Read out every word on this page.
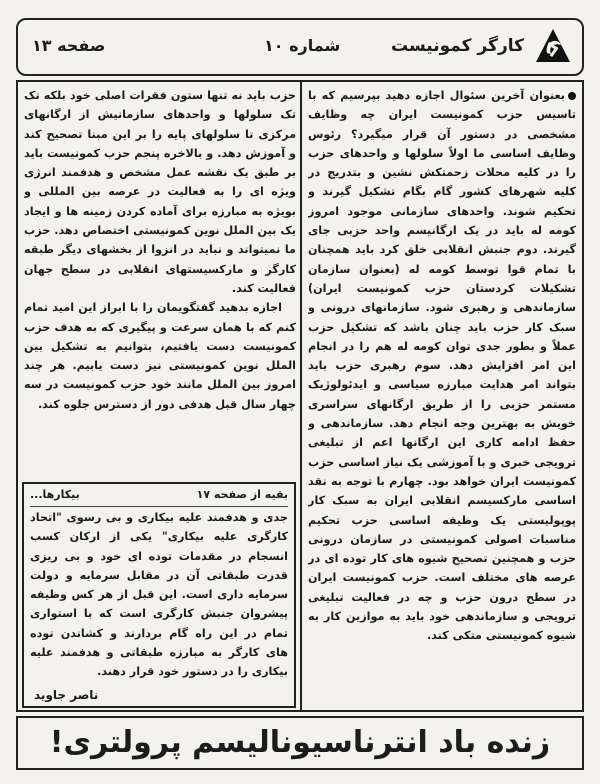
کارگر کمونیست
شماره ۱۰
صفحه ۱۳
بعنوان آخرین سئوال اجازه دهید بپرسیم که با تاسیس حزب کمونیست ایران چه وظایف مشخصی در دستور آن قرار میگیرد؟ رئوس وظایف اساسی ما اولاً سلولها و واحدهای حزب را در کلیه محلات زحمتکش نشین و بتدریج در کلیه شهرهای کشور گام بگام تشکیل گیرند و تحکیم شوند. واحدهای سازمانی موجود امروز کومه له باید در یک ارگانیسم واحد حزبی جای گیرند. دوم جنبش انقلابی خلق کرد باید همچنان با تمام قوا توسط کومه له (بعنوان سازمان تشکیلات کردستان حزب کمونیست ایران) سازماندهی و رهبری شود. سازمانهای درونی و سبک کار حزب باید چنان باشد که تشکیل حزب عملاً و بطور جدی توان کومه له هم را در انجام این امر افزایش دهد. سوم رهبری حزب باید بتواند امر هدایت مبارزه سیاسی و ایدئولوژیک مستمر حزبی را از طریق ارگانهای سراسری خویش به بهترین وجه انجام دهد. سازماندهی و حفظ ادامه کاری این ارگانها اعم از تبلیغی ترویجی خبری و با آموزشی یک نیاز اساسی حزب کمونیست ایران خواهد بود. چهارم با توجه به نقد اساسی مارکسیسم انقلابی ایران به سبک کار پوپولیستی یک وظیفه اساسی حزب تحکیم مناسبات اصولی کمونیستی در سازمان درونی حزب و همچنین تصحیح شیوه های کار توده ای در عرصه های مختلف است. حزب کمونیست ایران در سطح درون حزب و چه در فعالیت تبلیغی ترویجی و سازماندهی خود باید به موازین کار به شیوه کمونیستی متکی کند.
حزب باید نه تنها ستون فقرات اصلی خود بلکه تک تک سلولها و واحدهای سازمانیش از ارگانهای مرکزی تا سلولهای پایه را بر این مبنا تصحیح کند و آموزش دهد. و بالاخره پنجم حزب کمونیست باید بر طبق یک نقشه عمل مشخص و هدفمند انرژی ویژه ای را به فعالیت در عرصه بین المللی و بویژه به مبارزه برای آماده کردن زمینه ها و ایجاد یک بین الملل نوین کمونیستی اختصاص دهد. حزب ما نمیتواند و نباید در انزوا از بخشهای دیگر طبقه کارگر و مارکسیستهای انقلابی در سطح جهان فعالیت کند.
اجازه بدهید گفتگویمان را با ابراز این امید تمام کنم که با همان سرعت و پیگیری که به هدف حزب کمونیست دست یافتیم، بتوانیم به تشکیل بین الملل نوین کمونیستی نیز دست یابیم. هر چند امروز بین الملل مانند خود حزب کمونیست در سه چهار سال قبل هدفی دور از دسترس جلوه کند.
بقیه از صفحه ۱۷
بیکارها...
جدی و هدفمند علیه بیکاری و بی رسوی "اتحاد کارگری علیه بیکاری" یکی از ارکان کسب انسجام در مقدمات توده ای خود و بی ریزی قدرت طبقاتی آن در مقابل سرمایه و دولت سرمایه داری است. این قبل از هر کس وظیفه پیشروان جنبش کارگری است که با استواری تمام در این راه گام بردارند و کشاندن توده های کارگر به مبارزه طبقاتی و هدفمند علیه بیکاری را در دستور خود قرار دهند.
ناصر جاوید
زنده باد انترناسیونالیسم پرولتری!
